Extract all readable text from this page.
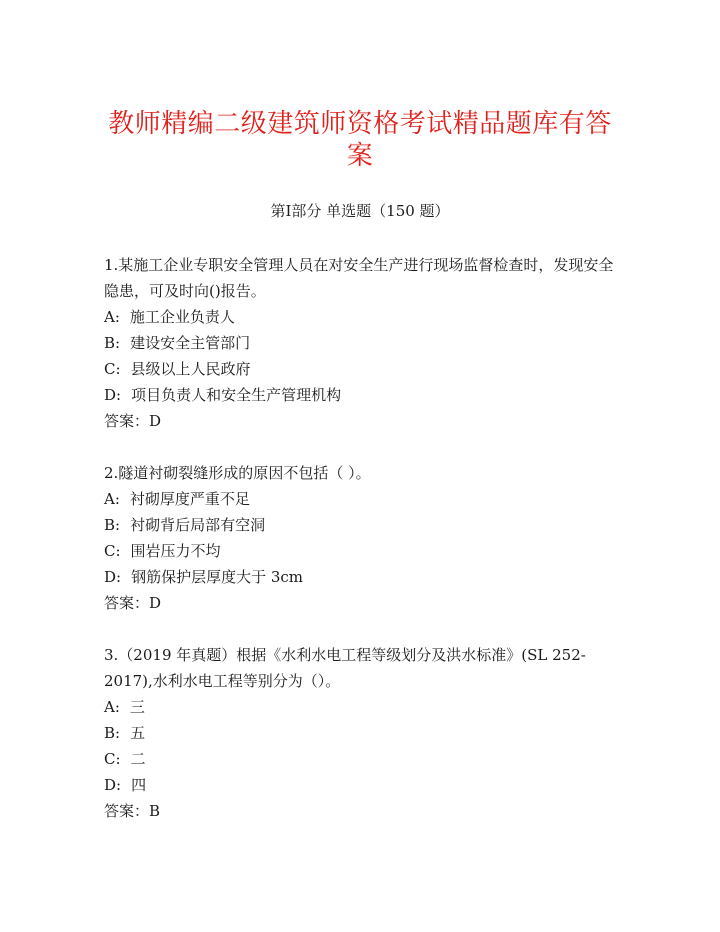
教师精编二级建筑师资格考试精品题库有答案
第Ⅰ部分 单选题（150 题）
1.某施工企业专职安全管理人员在对安全生产进行现场监督检查时，发现安全隐患，可及时向()报告。
A: 施工企业负责人
B: 建设安全主管部门
C: 县级以上人民政府
D: 项目负责人和安全生产管理机构
答案：D
2.隧道衬砌裂缝形成的原因不包括（ ）。
A: 衬砌厚度严重不足
B: 衬砌背后局部有空洞
C: 围岩压力不均
D: 钢筋保护层厚度大于 3cm
答案：D
3.（2019 年真题）根据《水利水电工程等级划分及洪水标准》(SL 252-2017),水利水电工程等别分为（）。
A: 三
B: 五
C: 二
D: 四
答案：B
